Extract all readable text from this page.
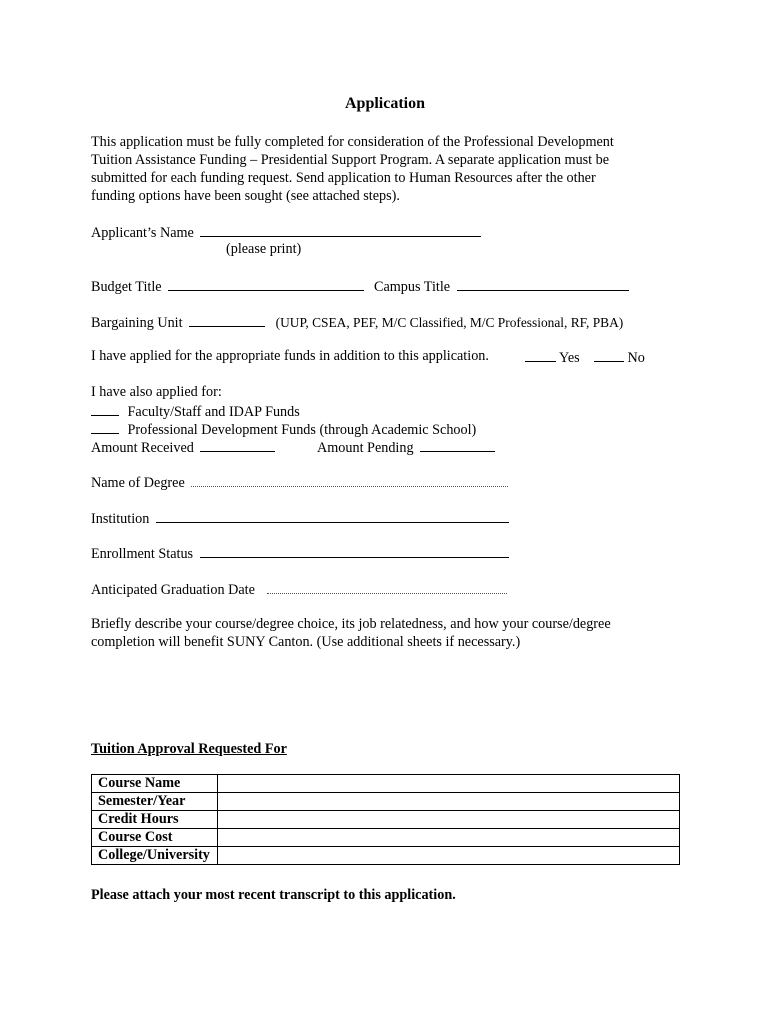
Application
This application must be fully completed for consideration of the Professional Development
Tuition Assistance Funding – Presidential Support Program. A separate application must be
submitted for each funding request. Send application to Human Resources after the other
funding options have been sought (see attached steps).
Applicant’s Name
(please print)
Budget Title	Campus Title
Bargaining Unit	(UUP, CSEA, PEF, M/C Classified, M/C Professional, RF, PBA)
I have applied for the appropriate funds in addition to this application.	Yes	No
I have also applied for:
Faculty/Staff and IDAP Funds
Professional Development Funds (through Academic School)
Amount Received	Amount Pending
Name of Degree
Institution
Enrollment Status
Anticipated Graduation Date
Briefly describe your course/degree choice, its job relatedness, and how your course/degree
completion will benefit SUNY Canton. (Use additional sheets if necessary.)
Tuition Approval Requested For
Course Name	
Semester/Year	
Credit Hours	
Course Cost	
College/University	
Please attach your most recent transcript to this application.
